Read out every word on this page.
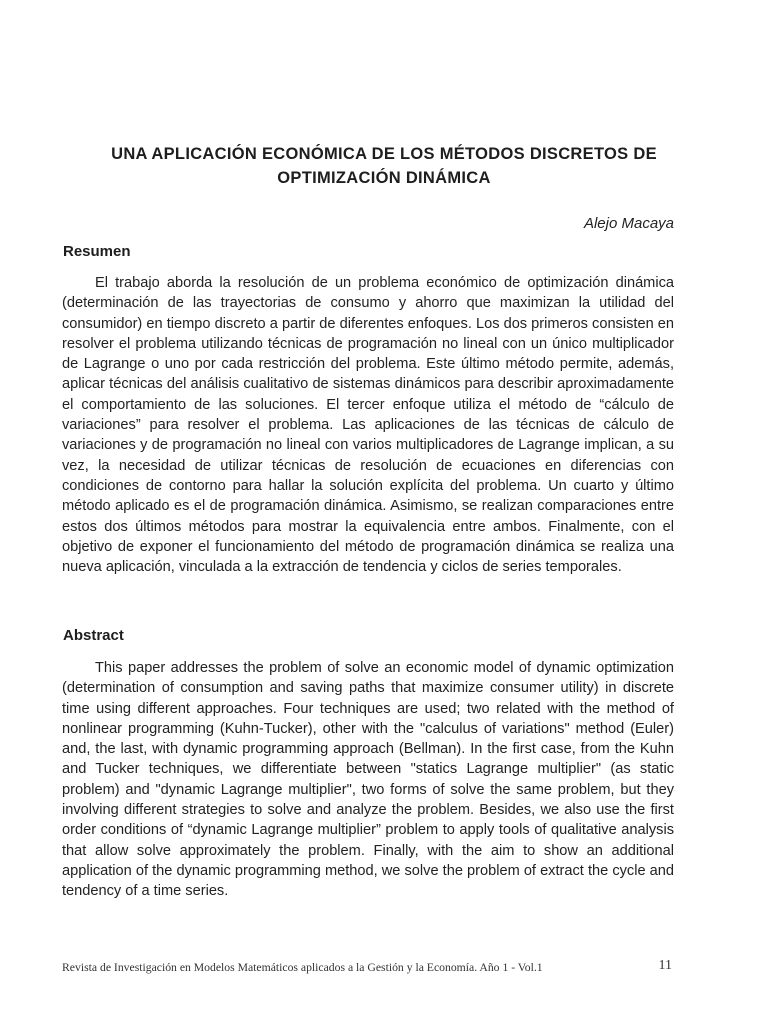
UNA APLICACIÓN ECONÓMICA DE LOS MÉTODOS DISCRETOS DE
OPTIMIZACIÓN DINÁMICA
Alejo Macaya
Resumen

El trabajo aborda la resolución de un problema económico de optimización dinámica (determinación de las trayectorias de consumo y ahorro que maximizan la utilidad del consumidor) en tiempo discreto a partir de diferentes enfoques. Los dos primeros consisten en resolver el problema utilizando técnicas de programación no lineal con un único multiplicador de Lagrange o uno por cada restricción del problema. Este último método permite, además, aplicar técnicas del análisis cualitativo de sistemas dinámicos para describir aproximadamente el comportamiento de las soluciones. El tercer enfoque utiliza el método de “cálculo de variaciones” para resolver el problema. Las aplicaciones de las técnicas de cálculo de variaciones y de programación no lineal con varios multiplicadores de Lagrange implican, a su vez, la necesidad de utilizar técnicas de resolución de ecuaciones en diferencias con condiciones de contorno para hallar la solución explícita del problema. Un cuarto y último método aplicado es el de programación dinámica. Asimismo, se realizan comparaciones entre estos dos últimos métodos para mostrar la equivalencia entre ambos. Finalmente, con el objetivo de exponer el funcionamiento del método de programación dinámica se realiza una nueva aplicación, vinculada a la extracción de tendencia y ciclos de series temporales.

Abstract

This paper addresses the problem of solve an economic model of dynamic optimization (determination of consumption and saving paths that maximize consumer utility) in discrete time using different approaches. Four techniques are used; two related with the method of nonlinear programming (Kuhn-Tucker), other with the "calculus of variations" method (Euler) and, the last, with dynamic programming approach (Bellman). In the first case, from the Kuhn and Tucker techniques, we differentiate between "statics Lagrange multiplier" (as static problem) and "dynamic Lagrange multiplier", two forms of solve the same problem, but they involving different strategies to solve and analyze the problem. Besides, we also use the first order conditions of “dynamic Lagrange multiplier” problem to apply tools of qualitative analysis that allow solve approximately the problem. Finally, with the aim to show an additional application of the dynamic programming method, we solve the problem of extract the cycle and tendency of a time series.

Revista de Investigación en Modelos Matemáticos aplicados a la Gestión y la Economía. Año 1 - Vol.1	11
